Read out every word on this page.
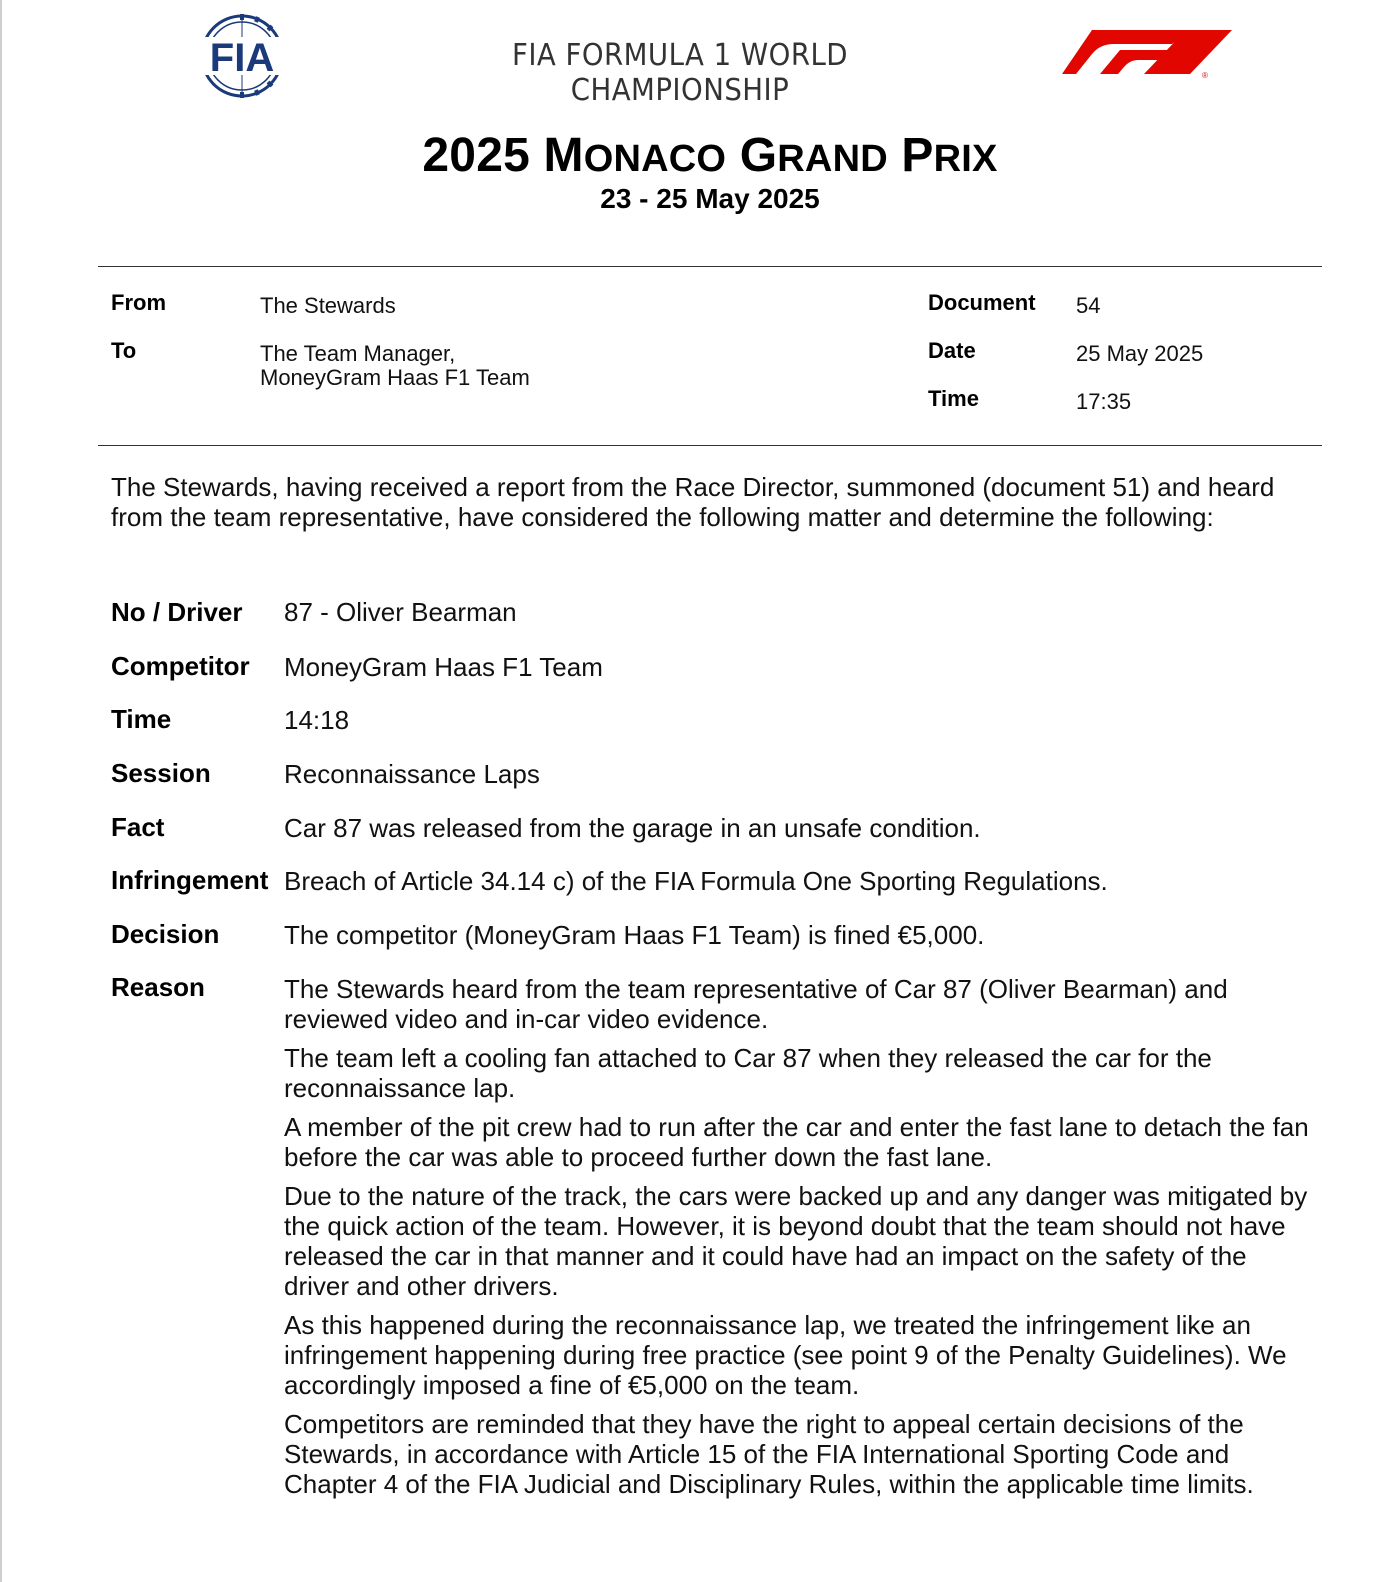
FIA	FIA FORMULA 1 WORLD CHAMPIONSHIP	®
2025 MONACO GRAND PRIX
23 - 25 May 2025
From	The Stewards
To	The Team Manager,
MoneyGram Haas F1 Team
Document 54
Date	25 May 2025
Time	17:35
The Stewards, having received a report from the Race Director, summoned (document 51) and heard from the team representative, have considered the following matter and determine the following:
No / Driver 87 - Oliver Bearman
Competitor MoneyGram Haas F1 Team
Time	14:18
Session	Reconnaissance Laps
Fact	Car 87 was released from the garage in an unsafe condition.
Infringement Breach of Article 34.14 c) of the FIA Formula One Sporting Regulations.
Decision The competitor (MoneyGram Haas F1 Team) is fined €5,000.
Reason	The Stewards heard from the team representative of Car 87 (Oliver Bearman) and reviewed video and in-car video evidence.

The team left a cooling fan attached to Car 87 when they released the car for the reconnaissance lap.

A member of the pit crew had to run after the car and enter the fast lane to detach the fan before the car was able to proceed further down the fast lane.

Due to the nature of the track, the cars were backed up and any danger was mitigated by the quick action of the team. However, it is beyond doubt that the team should not have released the car in that manner and it could have had an impact on the safety of the driver and other drivers.

As this happened during the reconnaissance lap, we treated the infringement like an infringement happening during free practice (see point 9 of the Penalty Guidelines). We accordingly imposed a fine of €5,000 on the team.

Competitors are reminded that they have the right to appeal certain decisions of the Stewards, in accordance with Article 15 of the FIA International Sporting Code and Chapter 4 of the FIA Judicial and Disciplinary Rules, within the applicable time limits.
